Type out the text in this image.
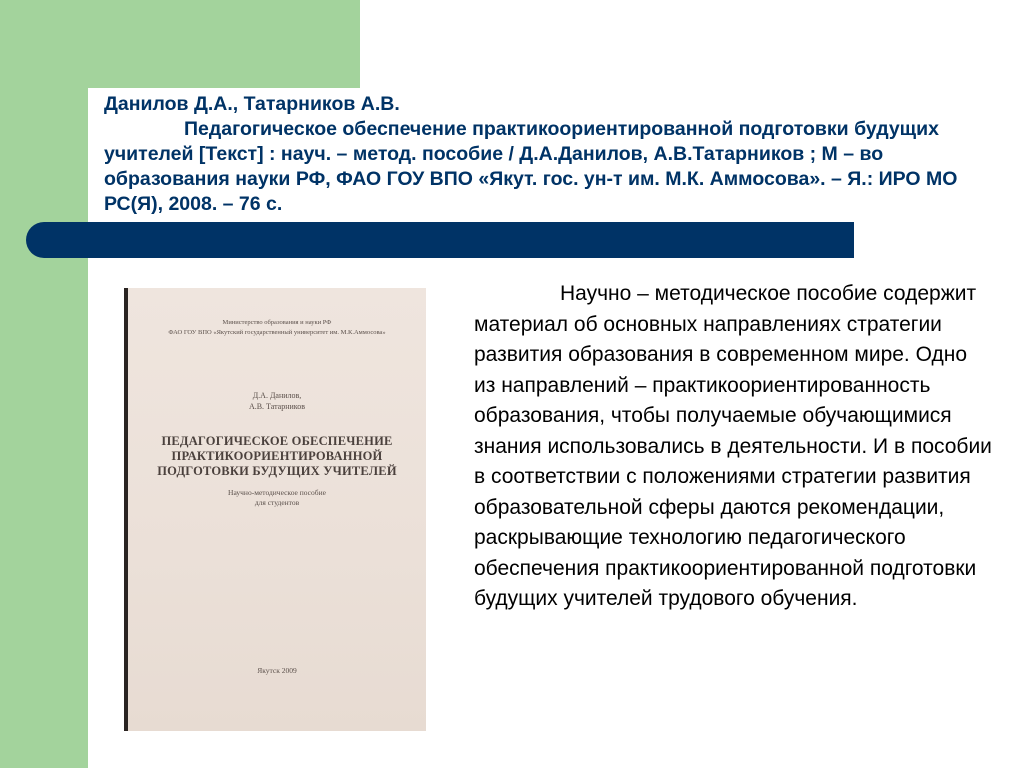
Данилов Д.А., Татарников А.В.
Педагогическое обеспечение практикоориентированной подготовки будущих учителей [Текст] : науч. – метод. пособие / Д.А.Данилов, А.В.Татарников ; М – во образования науки РФ, ФАО ГОУ ВПО «Якут. гос. ун-т им. М.К. Аммосова». – Я.: ИРО МО РС(Я), 2008. – 76 с.

Министерство образования и науки РФ
ФАО ГОУ ВПО «Якутский государственный университет им. М.К.Аммосова»
Д.А. Данилов,
А.В. Татарников
ПЕДАГОГИЧЕСКОЕ ОБЕСПЕЧЕНИЕ
ПРАКТИКООРИЕНТИРОВАННОЙ
ПОДГОТОВКИ БУДУЩИХ УЧИТЕЛЕЙ
Научно-методическое пособие
для студентов
Якутск 2009

Научно – методическое пособие содержит материал об основных направлениях стратегии развития образования в современном мире. Одно из направлений – практикоориентированность образования, чтобы получаемые обучающимися знания использовались в деятельности. И в пособии в соответствии с положениями стратегии развития образовательной сферы даются рекомендации, раскрывающие технологию педагогического обеспечения практикоориентированной подготовки будущих учителей трудового обучения.
